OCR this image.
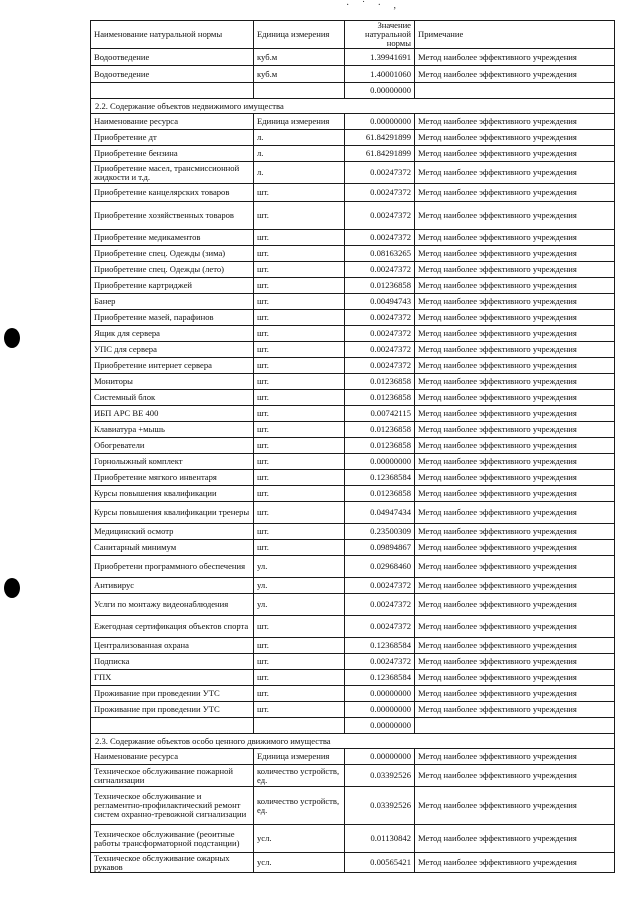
· ˙ · ,
Наименование натуральной нормы	Единица измерения	Значение натуральной нормы	Примечание
Водоотведение	куб.м	1.39941691	Метод наиболее эффективного учреждения
Водоотведение	куб.м	1.40001060	Метод наиболее эффективного учреждения
		0.00000000	
2.2. Содержание объектов недвижимого имущества			
Наименование ресурса	Единица измерения	0.00000000	Метод наиболее эффективного учреждения
Приобретение дт	л.	61.84291899	Метод наиболее эффективного учреждения
Приобретение бензина	л.	61.84291899	Метод наиболее эффективного учреждения
Приобретение масел, трансмиссионной жидкости и т.д.	л.	0.00247372	Метод наиболее эффективного учреждения
Приобретение канцелярских товаров	шт.	0.00247372	Метод наиболее эффективного учреждения
Приобретение хозяйственных товаров	шт.	0.00247372	Метод наиболее эффективного учреждения
Приобретение медикаментов	шт.	0.00247372	Метод наиболее эффективного учреждения
Приобретение спец. Одежды (зима)	шт.	0.08163265	Метод наиболее эффективного учреждения
Приобретение спец. Одежды (лето)	шт.	0.00247372	Метод наиболее эффективного учреждения
Приобретение картриджей	шт.	0.01236858	Метод наиболее эффективного учреждения
Банер	шт.	0.00494743	Метод наиболее эффективного учреждения
Приобретение мазей, парафинов	шт.	0.00247372	Метод наиболее эффективного учреждения
Ящик для сервера	шт.	0.00247372	Метод наиболее эффективного учреждения
УПС для сервера	шт.	0.00247372	Метод наиболее эффективного учреждения
Приобретение интернет сервера	шт.	0.00247372	Метод наиболее эффективного учреждения
Мониторы	шт.	0.01236858	Метод наиболее эффективного учреждения
Системный блок	шт.	0.01236858	Метод наиболее эффективного учреждения
ИБП APC BE 400	шт.	0.00742115	Метод наиболее эффективного учреждения
Клавиатура +мышь	шт.	0.01236858	Метод наиболее эффективного учреждения
Обогреватели	шт.	0.01236858	Метод наиболее эффективного учреждения
Горнолыжный комплект	шт.	0.00000000	Метод наиболее эффективного учреждения
Приобретение мягкого инвентаря	шт.	0.12368584	Метод наиболее эффективного учреждения
Курсы повышения квалификации	шт.	0.01236858	Метод наиболее эффективного учреждения
Курсы повышения квалификации тренеры	шт.	0.04947434	Метод наиболее эффективного учреждения
Медицинский осмотр	шт.	0.23500309	Метод наиболее эффективного учреждения
Санитарный минимум	шт.	0.09894867	Метод наиболее эффективного учреждения
Приобретени программного обеспечения	ул.	0.02968460	Метод наиболее эффективного учреждения
Антивирус	ул.	0.00247372	Метод наиболее эффективного учреждения
Услги по монтажу видеонаблюдения	ул.	0.00247372	Метод наиболее эффективного учреждения
Ежегодная сертификация объектов спорта	шт.	0.00247372	Метод наиболее эффективного учреждения
Централизованная охрана	шт.	0.12368584	Метод наиболее эффективного учреждения
Подписка	шт.	0.00247372	Метод наиболее эффективного учреждения
ГПХ	шт.	0.12368584	Метод наиболее эффективного учреждения
Проживание при проведении УТС	шт.	0.00000000	Метод наиболее эффективного учреждения
Проживание при проведении УТС	шт.	0.00000000	Метод наиболее эффективного учреждения
		0.00000000	
2.3. Содержание объектов особо ценного движимого имущества			
Наименование ресурса	Единица измерения	0.00000000	Метод наиболее эффективного учреждения
Техническое обслуживание пожарной сигнализации	количество устройств, ед.	0.03392526	Метод наиболее эффективного учреждения
Техническое обслуживание и регламентно-профилактический ремонт систем охранно-тревожной сигнализации	количество устройств, ед.	0.03392526	Метод наиболее эффективного учреждения
Техническое обслуживание (реоитные работы трансформаторной подстанции)	усл.	0.01130842	Метод наиболее эффективного учреждения
Техническое обслуживание ожарных рукавов	усл.	0.00565421	Метод наиболее эффективного учреждения
